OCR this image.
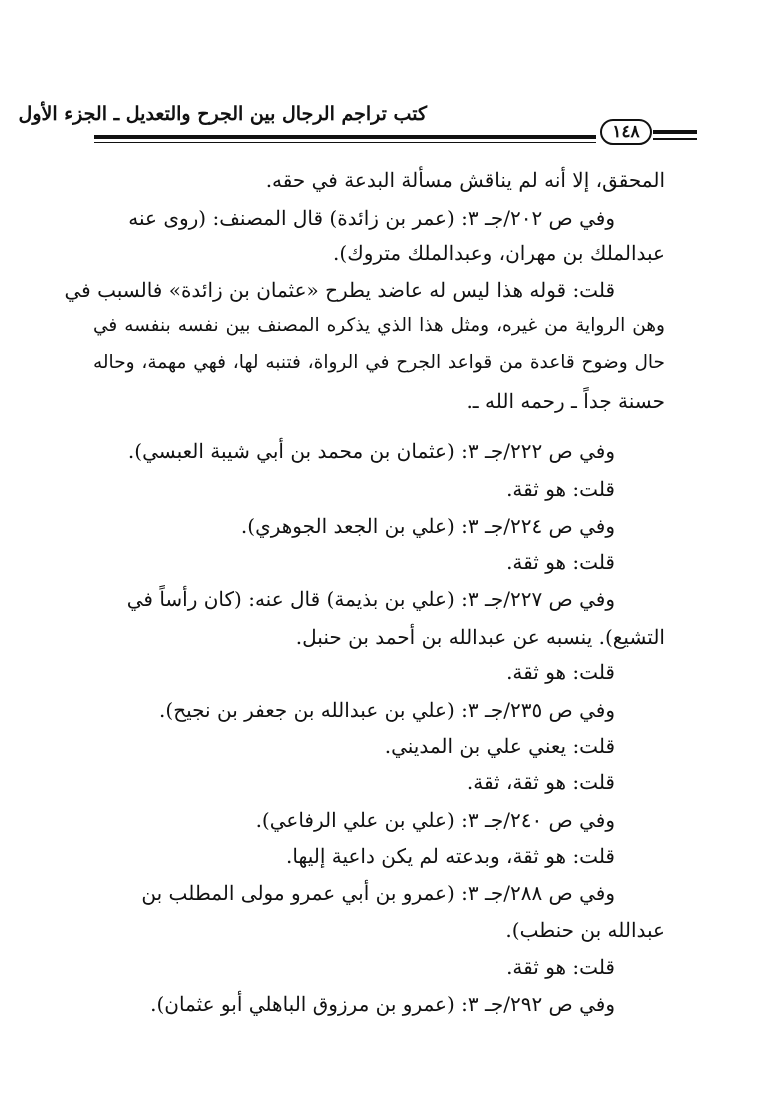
كتب تراجم الرجال بين الجرح والتعديل ـ الجزء الأول
١٤٨
المحقق، إلا أنه لم يناقش مسألة البدعة في حقه.
وفي ص ٢٠٢/جـ ٣: (عمر بن زائدة) قال المصنف: (روى عنه
عبدالملك بن مهران، وعبدالملك متروك).
قلت: قوله هذا ليس له عاضد يطرح «عثمان بن زائدة» فالسبب في
وهن الرواية من غيره، ومثل هذا الذي يذكره المصنف بين نفسه بنفسه في
حال وضوح قاعدة من قواعد الجرح في الرواة، فتنبه لها، فهي مهمة، وحاله
حسنة جداً ـ رحمه الله ـ.
وفي ص ٢٢٢/جـ ٣: (عثمان بن محمد بن أبي شيبة العبسي).
قلت: هو ثقة.
وفي ص ٢٢٤/جـ ٣: (علي بن الجعد الجوهري).
قلت: هو ثقة.
وفي ص ٢٢٧/جـ ٣: (علي بن بذيمة) قال عنه: (كان رأساً في
التشيع). ينسبه عن عبدالله بن أحمد بن حنبل.
قلت: هو ثقة.
وفي ص ٢٣٥/جـ ٣: (علي بن عبدالله بن جعفر بن نجيح).
قلت: يعني علي بن المديني.
قلت: هو ثقة، ثقة.
وفي ص ٢٤٠/جـ ٣: (علي بن علي الرفاعي).
قلت: هو ثقة، وبدعته لم يكن داعية إليها.
وفي ص ٢٨٨/جـ ٣: (عمرو بن أبي عمرو مولى المطلب بن
عبدالله بن حنطب).
قلت: هو ثقة.
وفي ص ٢٩٢/جـ ٣: (عمرو بن مرزوق الباهلي أبو عثمان).
